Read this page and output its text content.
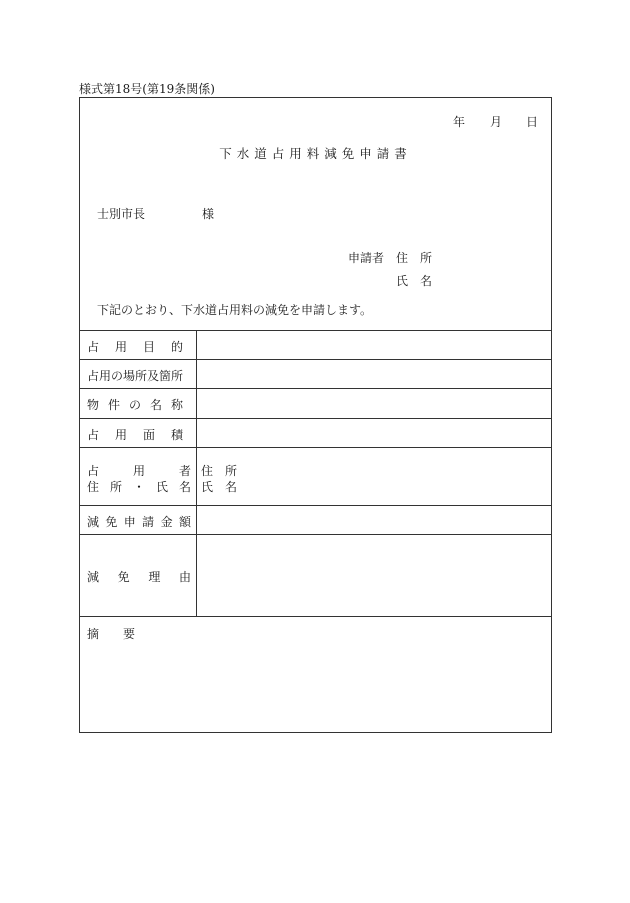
様式第18号(第19条関係)
年 月 日
下水道占用料減免申請書
士別市長	様
申請者 住　所
氏　名
下記のとおり、下水道占用料の減免を申請します。
占 用 目 的
占用の場所及箇所
物 件 の 名 称
占 用 面 積
占	用	者
住 所 ・ 氏 名
住　所
氏　名
減 免 申 請 金 額
減 免 理 由
摘　　要
